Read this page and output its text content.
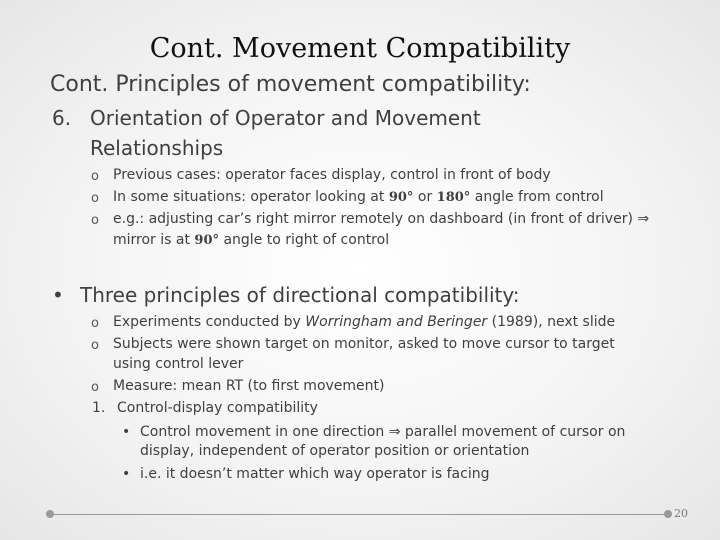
Cont. Movement Compatibility
Cont. Principles of movement compatibility:
6. Orientation of Operator and Movement
Relationships
o Previous cases: operator faces display, control in front of body
o In some situations: operator looking at 90° or 180° angle from control
o e.g.: adjusting car’s right mirror remotely on dashboard (in front of driver) ⇒
mirror is at 90° angle to right of control
• Three principles of directional compatibility:
o Experiments conducted by Worringham and Beringer (1989), next slide
o Subjects were shown target on monitor, asked to move cursor to target
using control lever
o Measure: mean RT (to first movement)
1. Control-display compatibility
• Control movement in one direction ⇒ parallel movement of cursor on
display, independent of operator position or orientation
• i.e. it doesn’t matter which way operator is facing
20
